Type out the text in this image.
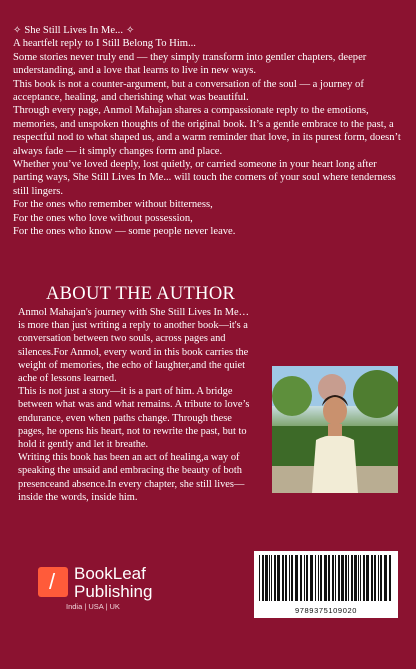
✧ She Still Lives In Me... ✧

A heartfelt reply to I Still Belong To Him...

Some stories never truly end — they simply transform into gentler chapters, deeper understanding, and a love that learns to live in new ways.

This book is not a counter-argument, but a conversation of the soul — a journey of acceptance, healing, and cherishing what was beautiful.

Through every page, Anmol Mahajan shares a compassionate reply to the emotions, memories, and unspoken thoughts of the original book. It’s a gentle embrace to the past, a respectful nod to what shaped us, and a warm reminder that love, in its purest form, doesn’t always fade — it simply changes form and place.

Whether you’ve loved deeply, lost quietly, or carried someone in your heart long after parting ways, She Still Lives In Me... will touch the corners of your soul where tenderness still lingers.

For the ones who remember without bitterness,

For the ones who love without possession,

For the ones who know — some people never leave.

ABOUT THE AUTHOR

Anmol Mahajan's journey with She Still Lives In Me… is more than just writing a reply to another book—it's a conversation between two souls, across pages and silences.For Anmol, every word in this book carries the

weight of memories, the echo of laughter,and the quiet

ache of lessons learned.

This is not just a story—it is a part of him. A bridge between what was and what remains. A tribute to love’s endurance, even when paths change. Through these pages, he opens his heart, not to rewrite the past, but to hold it gently and let it breathe.

Writing this book has been an act of healing,a way of speaking the unsaid and embracing the beauty of both

presenceand absence.In every chapter, she still lives—inside the words, inside him.

/ BookLeaf
Publishing
India | USA | UK	9789375109020
